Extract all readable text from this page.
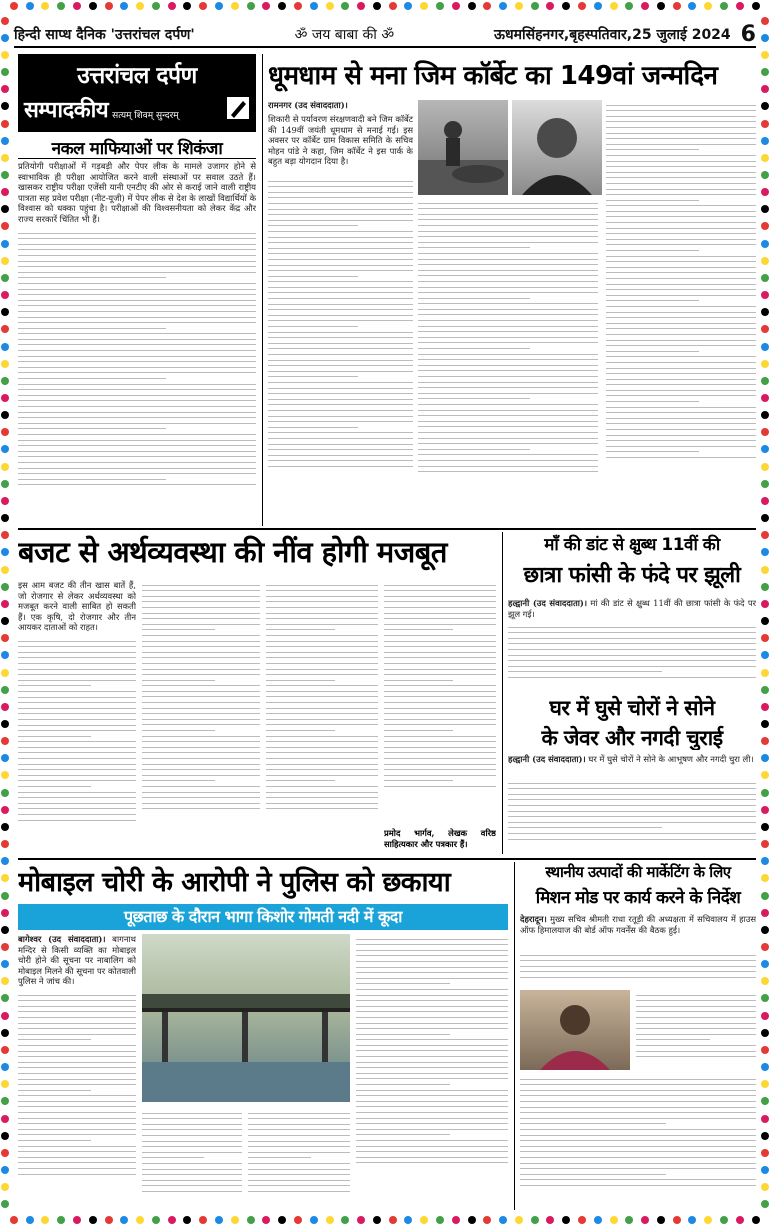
हिन्दी साप्ध दैनिक 'उत्तरांचल दर्पण'	ॐ जय बाबा की ॐ	ऊधमसिंहनगर,बृहस्पतिवार,25 जुलाई 2024 6
उत्तरांचल दर्पण
सम्पादकीय सत्यम् शिवम् सुन्दरम्
नकल माफियाओं पर शिकंजा
प्रतियोगी परीक्षाओं में गड़बड़ी और पेपर लीक के मामले उजागर होने से स्वाभाविक ही परीक्षा आयोजित करने वाली संस्थाओं पर सवाल उठते हैं। खासकर राष्ट्रीय परीक्षा एजेंसी यानी एनटीए की ओर से कराई जाने वाली राष्ट्रीय पात्रता सह प्रवेश परीक्षा (नीट-यूजी) में पेपर लीक से देश के लाखों विद्यार्थियों के विश्वास को धक्का पहुंचा है। परीक्षाओं की विश्वसनीयता को लेकर केंद्र और राज्य सरकारें चिंतित भी हैं।
धूमधाम से मना जिम कॉर्बेट का 149वां जन्मदिन
रामनगर (उद संवाददाता)।
शिकारी से पर्यावरण संरक्षणवादी बने जिम कॉर्बेट की 149वीं जयंती धूमधाम से मनाई गई। इस अवसर पर कॉर्बेट ग्राम विकास समिति के सचिव मोहन पांडे ने कहा, जिम कॉर्बेट ने इस पार्क के बहुत बड़ा योगदान दिया है।
बजट से अर्थव्यवस्था की नींव होगी मजबूत
इस आम बजट की तीन खास बातें हैं, जो रोजगार से लेकर अर्थव्यवस्था को मजबूत करने वाली साबित हो सकती हैं। एक कृषि, दो रोजगार और तीन आयकर दाताओं को राहत।
प्रमोद भार्गव, लेखक वरिष्ठ साहित्यकार और पत्रकार हैं।
माँ की डांट से क्षुब्ध 11वीं की
छात्रा फांसी के फंदे पर झूली
हल्द्वानी (उद संवाददाता)। मां की डांट से क्षुब्ध 11वीं की छात्रा फांसी के फंदे पर झूल गई।
घर में घुसे चोरों ने सोने
के जेवर और नगदी चुराई
हल्द्वानी (उद संवाददाता)। घर में घुसे चोरों ने सोने के आभूषण और नगदी चुरा ली।
मोबाइल चोरी के आरोपी ने पुलिस को छकाया
पूछताछ के दौरान भागा किशोर गोमती नदी में कूदा
बागेश्वर (उद संवाददाता)। बागनाथ मन्दिर से किसी व्यक्ति का मोबाइल चोरी होने की सूचना पर नाबालिग को मोबाइल मिलने की सूचना पर कोतवाली पुलिस ने जांच की।
स्थानीय उत्पादों की मार्केटिंग के लिए
मिशन मोड पर कार्य करने के निर्देश
देहरादून। मुख्य सचिव श्रीमती राधा रतूड़ी की अध्यक्षता में सचिवालय में हाउस ऑफ हिमालयाज की बोर्ड ऑफ गवर्नेंस की बैठक हुई।
